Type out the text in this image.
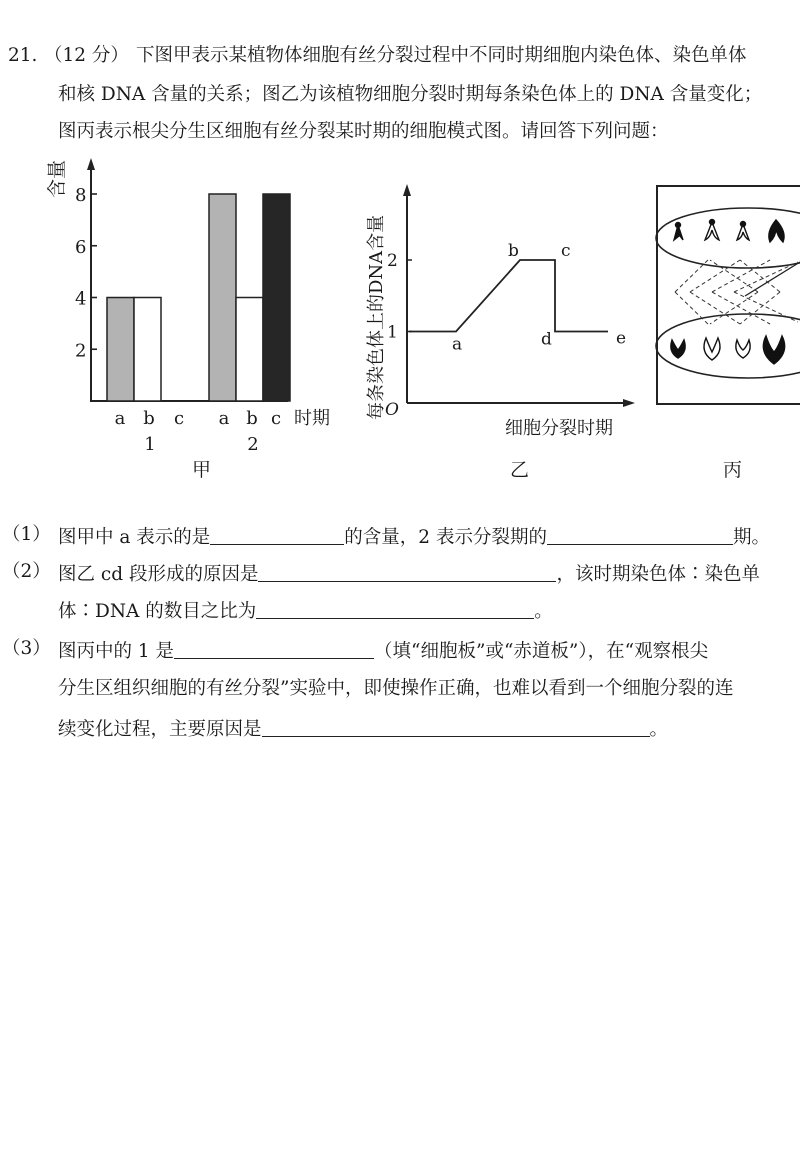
21. （12 分） 下图甲表示某植物体细胞有丝分裂过程中不同时期细胞内染色体、染色单体
和核 DNA 含量的关系；图乙为该植物细胞分裂时期每条染色体上的 DNA 含量变化；
图丙表示根尖分生区细胞有丝分裂某时期的细胞模式图。请回答下列问题：
含量
2
4
6
8
a b c a b c
1	2
时期
甲
每条染色体上的DNA含量
O
1
2
a
b c
d	e
细胞分裂时期
乙	丙
（1） 图甲中 a 表示的是	的含量，2 表示分裂期的	期。
（2） 图乙 cd 段形成的原因是	，该时期染色体∶染色单
体∶DNA 的数目之比为	。
（3） 图丙中的 1 是	（填“细胞板”或“赤道板”），在“观察根尖
分生区组织细胞的有丝分裂”实验中，即使操作正确，也难以看到一个细胞分裂的连
续变化过程，主要原因是	。
